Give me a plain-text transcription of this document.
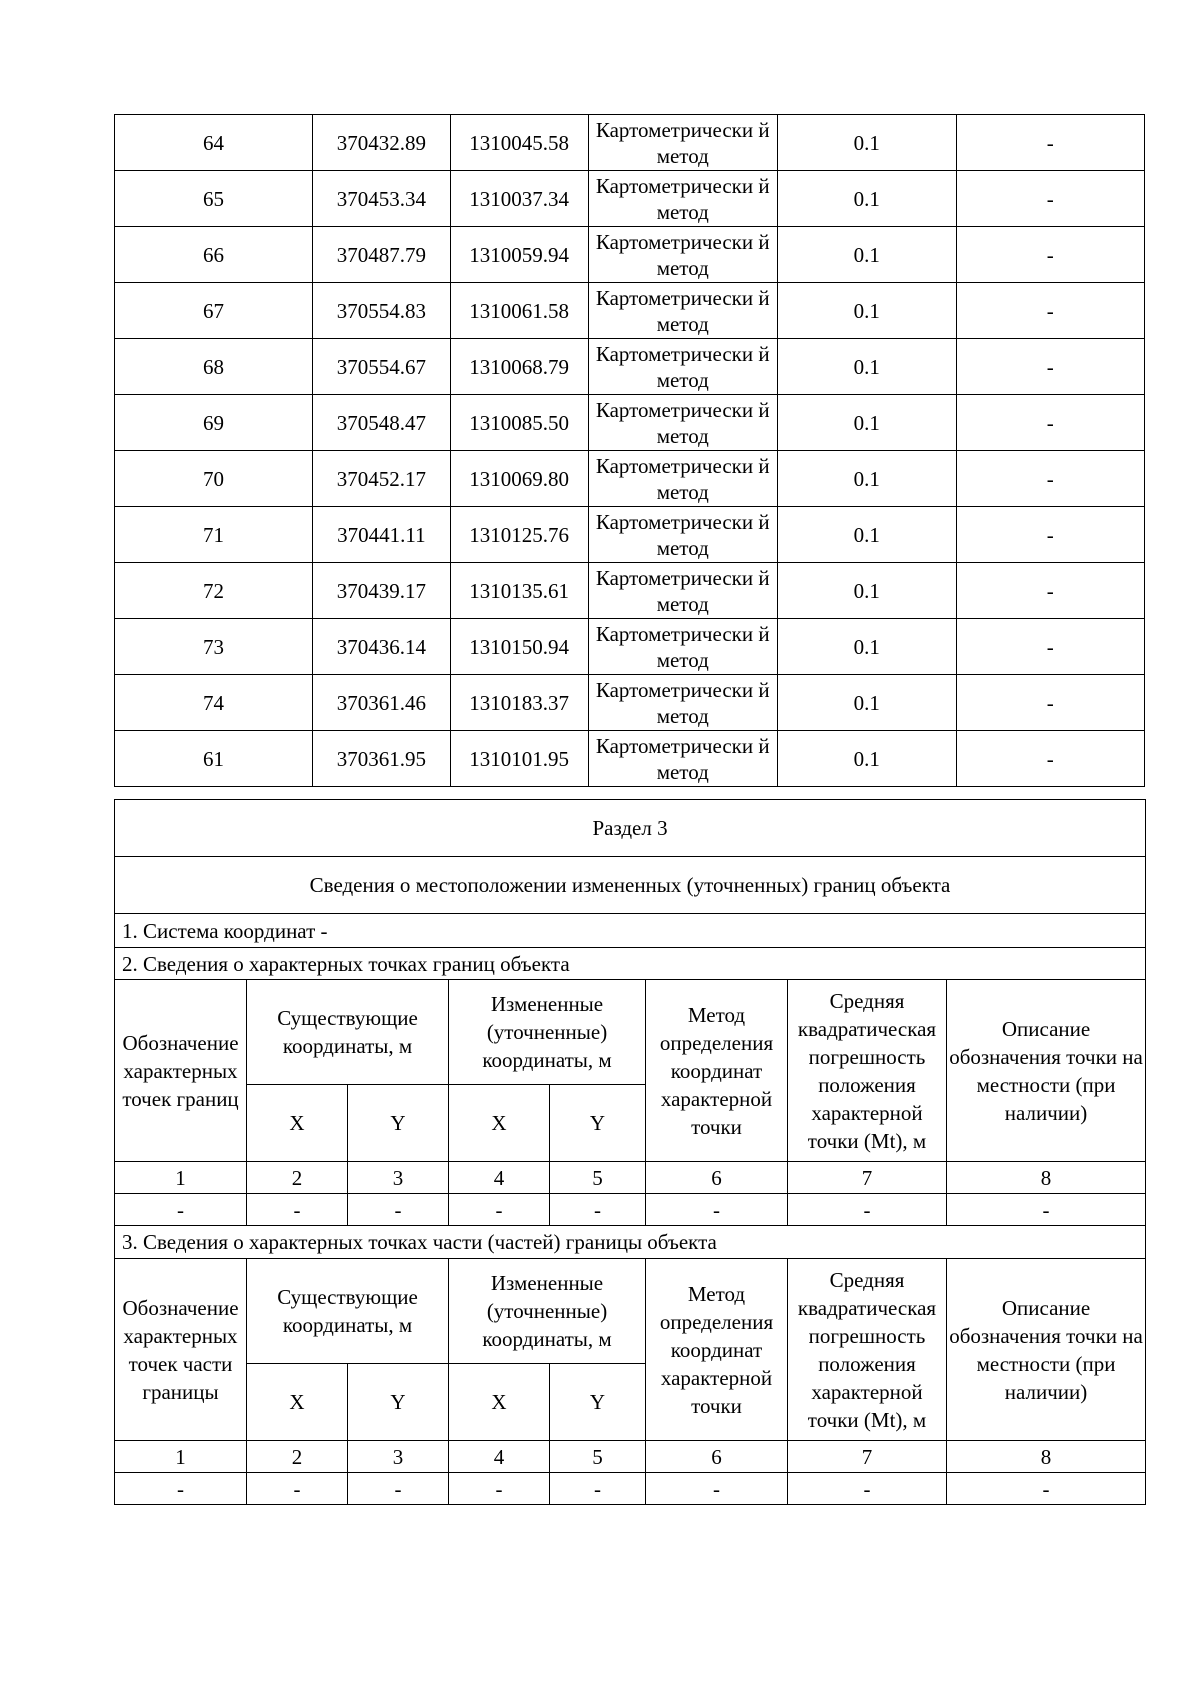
64	370432.89	1310045.58	Картометрически й метод	0.1	-
65	370453.34	1310037.34	Картометрически й метод	0.1	-
66	370487.79	1310059.94	Картометрически й метод	0.1	-
67	370554.83	1310061.58	Картометрически й метод	0.1	-
68	370554.67	1310068.79	Картометрически й метод	0.1	-
69	370548.47	1310085.50	Картометрически й метод	0.1	-
70	370452.17	1310069.80	Картометрически й метод	0.1	-
71	370441.11	1310125.76	Картометрически й метод	0.1	-
72	370439.17	1310135.61	Картометрически й метод	0.1	-
73	370436.14	1310150.94	Картометрически й метод	0.1	-
74	370361.46	1310183.37	Картометрически й метод	0.1	-
61	370361.95	1310101.95	Картометрически й метод	0.1	-
Раздел 3							
Сведения о местоположении измененных (уточненных) границ объекта							
1. Система координат -							
2. Сведения о характерных точках границ объекта							
Обозначение характерных точек границ	Существующие координаты, м		Измененные (уточненные) координаты, м		Метод определения координат характерной точки	Средняя квадратическая погрешность положения характерной точки (Mt), м	Описание обозначения точки на местности (при наличии)
	X	Y	X	Y			
1	2	3	4	5	6	7	8
-	-	-	-	-	-	-	-
3. Сведения о характерных точках части (частей) границы объекта							
Обозначение характерных точек части границы	Существующие координаты, м		Измененные (уточненные) координаты, м		Метод определения координат характерной точки	Средняя квадратическая погрешность положения характерной точки (Mt), м	Описание обозначения точки на местности (при наличии)
	X	Y	X	Y			
1	2	3	4	5	6	7	8
-	-	-	-	-	-	-	-
